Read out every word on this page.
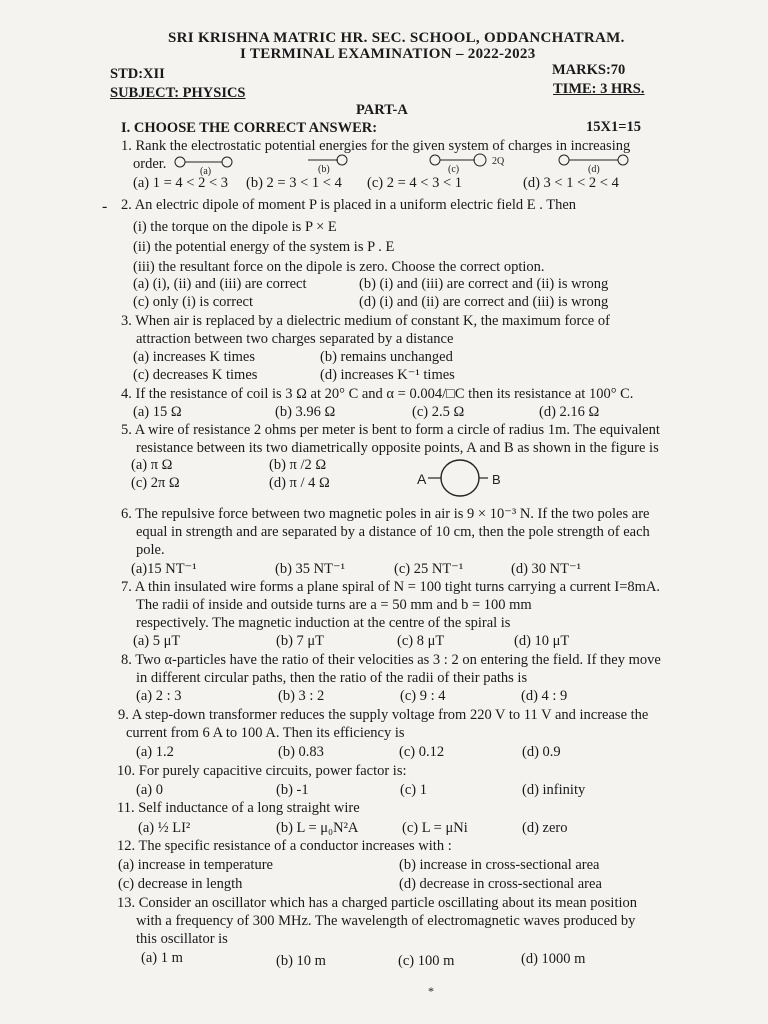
SRI KRISHNA MATRIC HR. SEC. SCHOOL, ODDANCHATRAM.
I TERMINAL EXAMINATION – 2022-2023
STD:XII	MARKS:70
SUBJECT: PHYSICS	TIME: 3 HRS.
PART-A
I. CHOOSE THE CORRECT ANSWER:	15X1=15
1. Rank the electrostatic potential energies for the given system of charges in increasing
order.	(a)	(b)	(c)	(d)
2Q
(a) 1 = 4 < 2 < 3 (b) 2 = 3 < 1 < 4 (c) 2 = 4 < 3 < 1	(d) 3 < 1 < 2 < 4
- 2. An electric dipole of moment P is placed in a uniform electric field E . Then
(i) the torque on the dipole is P × E
(ii) the potential energy of the system is P . E
(iii) the resultant force on the dipole is zero. Choose the correct option.
(a) (i), (ii) and (iii) are correct	(b) (i) and (iii) are correct and (ii) is wrong
(c) only (i) is correct	(d) (i) and (ii) are correct and (iii) is wrong
3. When air is replaced by a dielectric medium of constant K, the maximum force of
attraction between two charges separated by a distance
(a) increases K times	(b) remains unchanged
(c) decreases K times	(d) increases K⁻¹ times
4. If the resistance of coil is 3 Ω at 20° C and α = 0.004/□C then its resistance at 100° C.
(a) 15 Ω	(b) 3.96 Ω	(c) 2.5 Ω	(d) 2.16 Ω
5. A wire of resistance 2 ohms per meter is bent to form a circle of radius 1m. The equivalent
resistance between its two diametrically opposite points, A and B as shown in the figure is
(a) π Ω	(b) π /2 Ω
(c) 2π Ω	(d) π / 4 Ω	A	B
6. The repulsive force between two magnetic poles in air is 9 × 10⁻³ N. If the two poles are
equal in strength and are separated by a distance of 10 cm, then the pole strength of each
pole.
(a)15 NT⁻¹	(b) 35 NT⁻¹	(c) 25 NT⁻¹	(d) 30 NT⁻¹
7. A thin insulated wire forms a plane spiral of N = 100 tight turns carrying a current I=8mA.
The radii of inside and outside turns are a = 50 mm and b = 100 mm
respectively. The magnetic induction at the centre of the spiral is
(a) 5 μT	(b) 7 μT	(c) 8 μT	(d) 10 μT
8. Two α-particles have the ratio of their velocities as 3 : 2 on entering the field. If they move
in different circular paths, then the ratio of the radii of their paths is
(a) 2 : 3	(b) 3 : 2	(c) 9 : 4	(d) 4 : 9
9. A step-down transformer reduces the supply voltage from 220 V to 11 V and increase the
current from 6 A to 100 A. Then its efficiency is
(a) 1.2	(b) 0.83	(c) 0.12	(d) 0.9
10. For purely capacitive circuits, power factor is:
(a) 0	(b) -1	(c) 1	(d) infinity
11. Self inductance of a long straight wire
(a) ½ LI²	(b) L = μ₀N²A	(c) L = μNi	(d) zero
12. The specific resistance of a conductor increases with :
(a) increase in temperature	(b) increase in cross-sectional area
(c) decrease in length	(d) decrease in cross-sectional area
13. Consider an oscillator which has a charged particle oscillating about its mean position
with a frequency of 300 MHz. The wavelength of electromagnetic waves produced by
this oscillator is
(a) 1 m	(b) 10 m	(c) 100 m	(d) 1000 m
*
